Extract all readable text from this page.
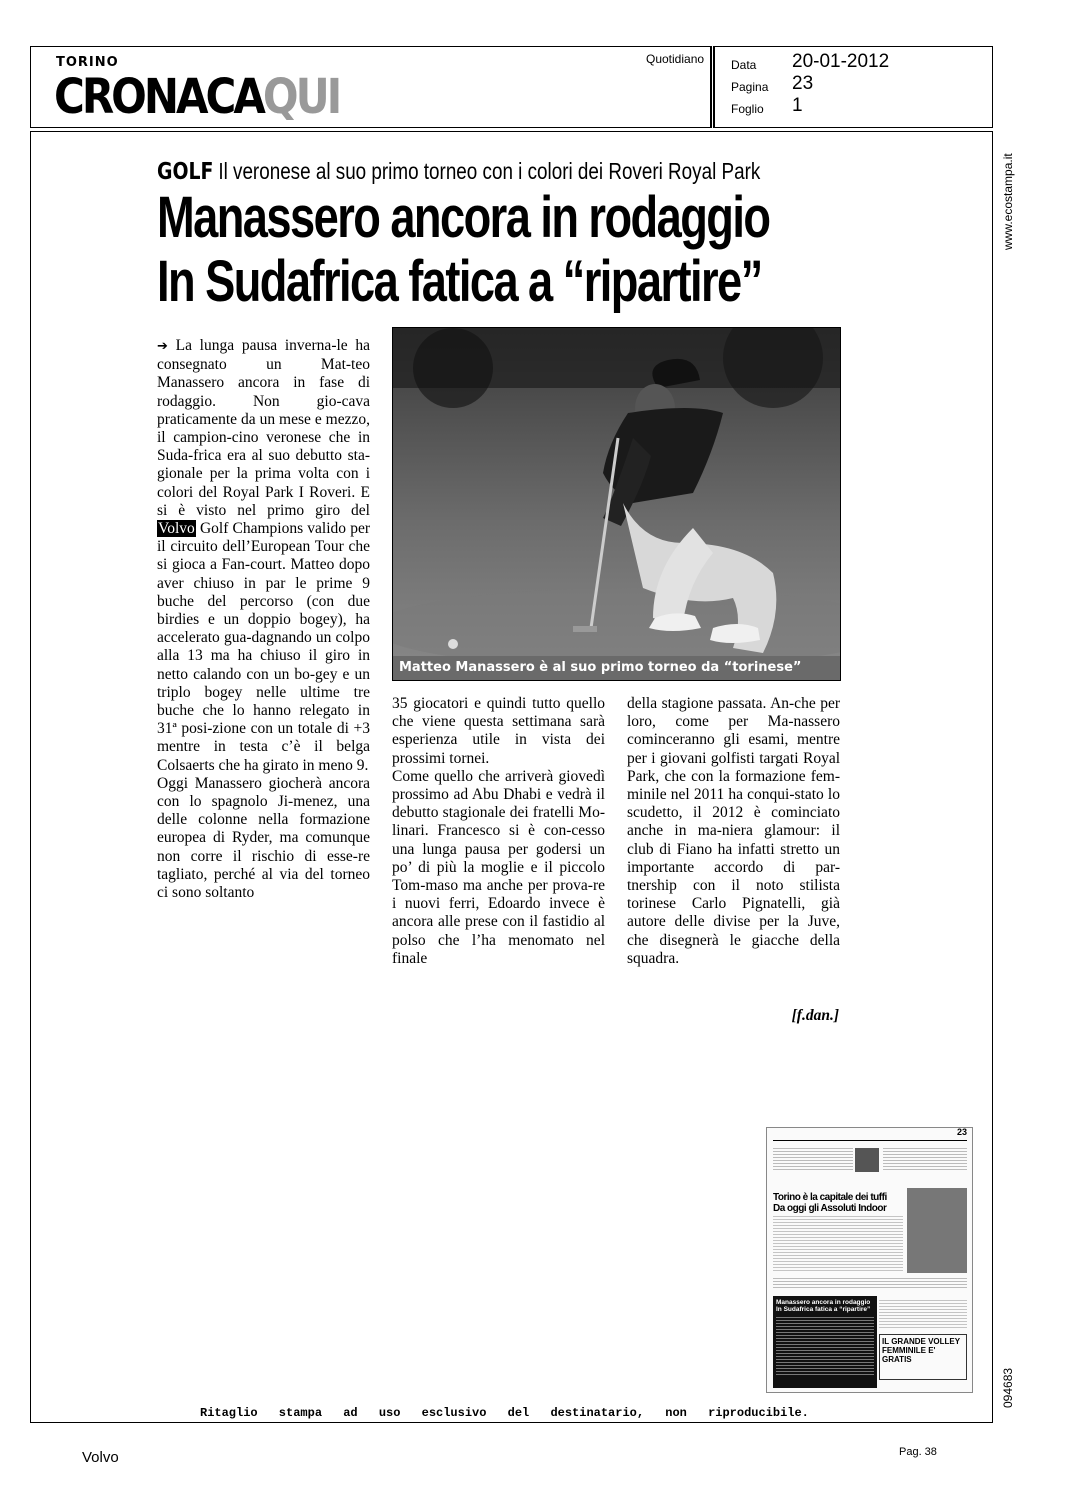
TORINO
CRONACAQUI
Quotidiano Data 20-01-2012
Pagina 23
Foglio 1
www.ecostampa.it
094683
GOLF Il veronese al suo primo torneo con i colori dei Roveri Royal Park
Manassero ancora in rodaggio
In Sudafrica fatica a “ripartire”

➔ La lunga pausa inverna-le ha consegnato un Mat-teo Manassero ancora in fase di rodaggio. Non gio-cava praticamente da un mese e mezzo, il campion-cino veronese che in Suda-frica era al suo debutto sta-gionale per la prima volta con i colori del Royal Park I Roveri. E si è visto nel primo giro del Volvo Golf Champions valido per il circuito dell’European Tour che si gioca a Fan-court. Matteo dopo aver chiuso in par le prime 9 buche del percorso (con due birdies e un doppio bogey), ha accelerato gua-dagnando un colpo alla 13 ma ha chiuso il giro in netto calando con un bo-gey e un triplo bogey nelle ultime tre buche che lo hanno relegato in 31ª posi-zione con un totale di +3 mentre in testa c’è il belga Colsaerts che ha girato in meno 9.

Oggi Manassero giocherà ancora con lo spagnolo Ji-menez, una delle colonne nella formazione europea di Ryder, ma comunque non corre il rischio di esse-re tagliato, perché al via del torneo ci sono soltanto

Matteo Manassero è al suo primo torneo da “torinese”

35 giocatori e quindi tutto quello che viene questa settimana sarà esperienza utile in vista dei prossimi tornei.

Come quello che arriverà giovedì prossimo ad Abu Dhabi e vedrà il debutto stagionale dei fratelli Mo-linari. Francesco si è con-cesso una lunga pausa per godersi un po’ di più la moglie e il piccolo Tom-maso ma anche per prova-re i nuovi ferri, Edoardo invece è ancora alle prese con il fastidio al polso che l’ha menomato nel finale

della stagione passata. An-che per loro, come per Ma-nassero cominceranno gli esami, mentre per i giovani golfisti targati Royal Park, che con la formazione fem-minile nel 2011 ha conqui-stato lo scudetto, il 2012 è cominciato anche in ma-niera glamour: il club di Fiano ha infatti stretto un importante accordo di par-tnership con il noto stilista torinese Carlo Pignatelli, già autore delle divise per la Juve, che disegnerà le giacche della squadra.

[f.dan.]
23
Torino è la capitale dei tuffi
Da oggi gli Assoluti Indoor
Manassero ancora in rodaggio
In Sudafrica fatica a “ripartire”
IL GRANDE VOLLEY FEMMINILE E' GRATIS
Ritaglio stampa ad uso esclusivo del destinatario, non riproducibile.
Volvo	Pag. 38
